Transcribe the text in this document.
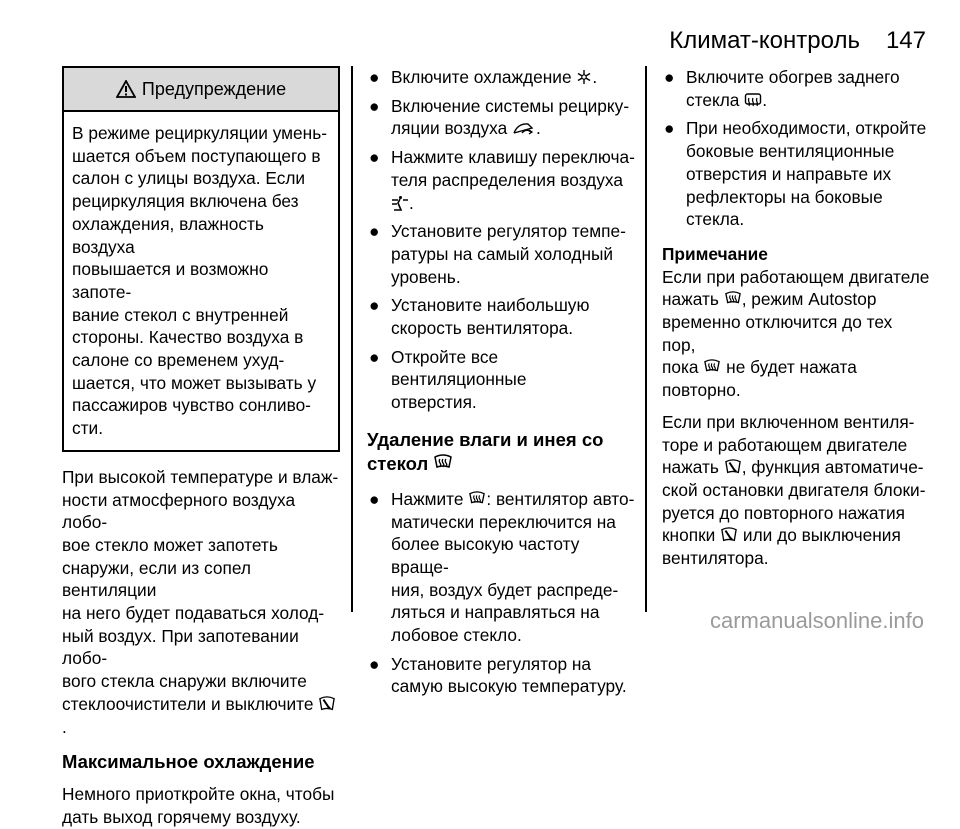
Климат-контроль 147
Предупреждение

В режиме рециркуляции умень-

шается объем поступающего в

салон с улицы воздуха. Если

рециркуляция включена без

охлаждения, влажность воздуха

повышается и возможно запоте-

вание стекол с внутренней

стороны. Качество воздуха в

салоне со временем ухуд-

шается, что может вызывать у

пассажиров чувство сонливо-

сти.

При высокой температуре и влаж-

ности атмосферного воздуха лобо-

вое стекло может запотеть

снаружи, если из сопел вентиляции

на него будет подаваться холод-

ный воздух. При запотевании лобо-

вого стекла снаружи включите

стеклоочистители и выключите .

Максимальное охлаждение

Немного приоткройте окна, чтобы

дать выход горячему воздуху.

● Включите охлаждение .
● Включение системы рецирку-

ляции воздуха .

● Нажмите клавишу переключа-

теля распределения воздуха

.

● Установите регулятор темпе-

ратуры на самый холодный

уровень.

● Установите наибольшую

скорость вентилятора.

● Откройте все вентиляционные

отверстия.

Удаление влаги и инея со

стекол

● Нажмите : вентилятор авто-

матически переключится на

более высокую частоту враще-

ния, воздух будет распреде-

ляться и направляться на

лобовое стекло.

● Установите регулятор на

самую высокую температуру.

● Включите обогрев заднего

стекла .

● При необходимости, откройте

боковые вентиляционные

отверстия и направьте их

рефлекторы на боковые

стекла.

Примечание

Если при работающем двигателе

нажать , режим Autostop

временно отключится до тех пор,

пока не будет нажата

повторно.

Если при включенном вентиля-

торе и работающем двигателе

нажать , функция автоматиче-

ской остановки двигателя блоки-

руется до повторного нажатия

кнопки или до выключения

вентилятора.

carmanualsonline.info
